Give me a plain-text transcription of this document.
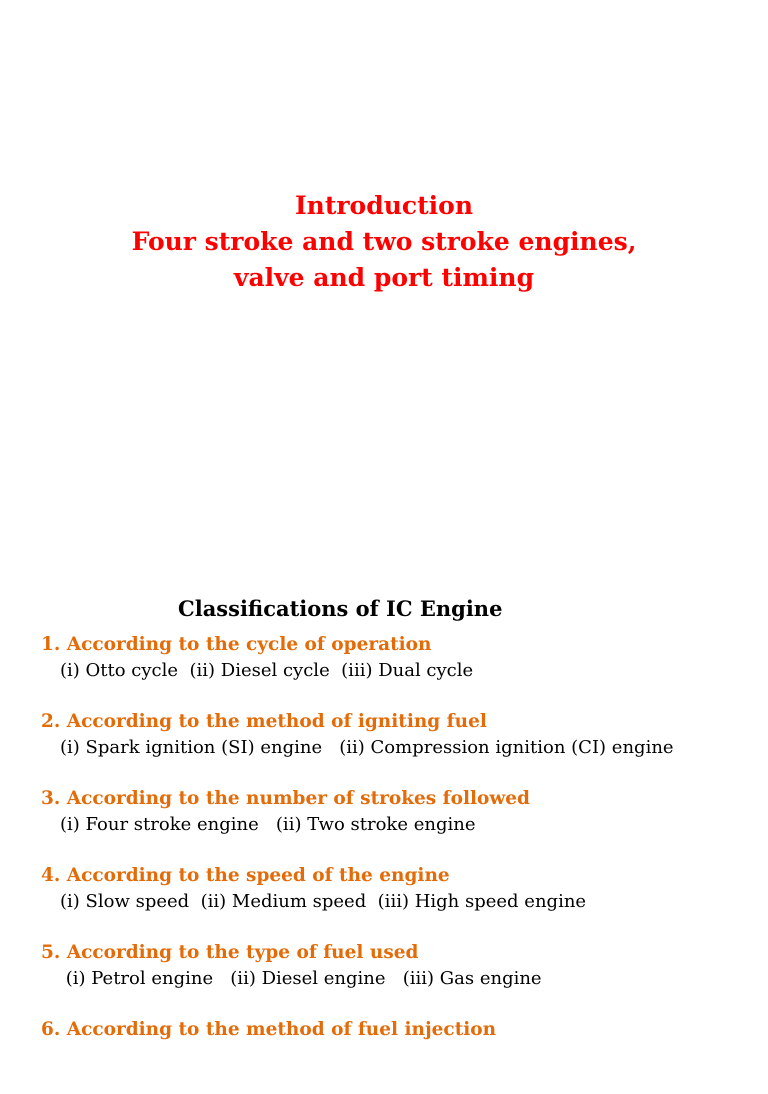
Introduction
Four stroke and two stroke engines,
valve and port timing
Classifications of IC Engine
1. According to the cycle of operation
(i) Otto cycle  (ii) Diesel cycle  (iii) Dual cycle
2. According to the method of igniting fuel
(i) Spark ignition (SI) engine   (ii) Compression ignition (CI) engine
3. According to the number of strokes followed
(i) Four stroke engine   (ii) Two stroke engine
4. According to the speed of the engine
(i) Slow speed  (ii) Medium speed  (iii) High speed engine
5. According to the type of fuel used
(i) Petrol engine   (ii) Diesel engine   (iii) Gas engine
6. According to the method of fuel injection
